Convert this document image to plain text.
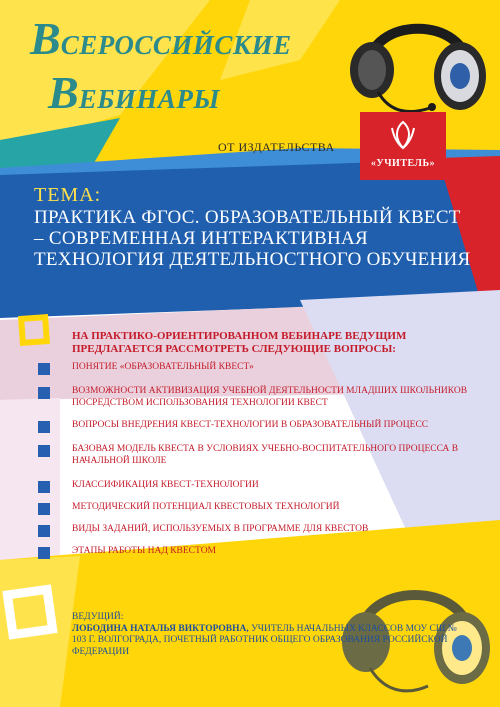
ВСЕРОССИЙСКИЕ
ВЕБИНАРЫ
ОТ ИЗДАТЕЛЬСТВА
«УЧИТЕЛЬ»
ТЕМА:
ПРАКТИКА ФГОС. ОБРАЗОВАТЕЛЬНЫЙ КВЕСТ – СОВРЕМЕННАЯ ИНТЕРАКТИВНАЯ ТЕХНОЛОГИЯ ДЕЯТЕЛЬНОСТНОГО ОБУЧЕНИЯ
НА ПРАКТИКО-ОРИЕНТИРОВАННОМ ВЕБИНАРЕ ВЕДУЩИМ ПРЕДЛАГАЕТСЯ РАССМОТРЕТЬ СЛЕДУЮЩИЕ ВОПРОСЫ:
ПОНЯТИЕ «ОБРАЗОВАТЕЛЬНЫЙ КВЕСТ»
ВОЗМОЖНОСТИ АКТИВИЗАЦИЯ УЧЕБНОЙ ДЕЯТЕЛЬНОСТИ МЛАДШИХ ШКОЛЬНИКОВ ПОСРЕДСТВОМ ИСПОЛЬЗОВАНИЯ ТЕХНОЛОГИИ КВЕСТ
ВОПРОСЫ ВНЕДРЕНИЯ КВЕСТ-ТЕХНОЛОГИИ В ОБРАЗОВАТЕЛЬНЫЙ ПРОЦЕСС
БАЗОВАЯ МОДЕЛЬ КВЕСТА В УСЛОВИЯХ УЧЕБНО-ВОСПИТАТЕЛЬНОГО ПРОЦЕССА В НАЧАЛЬНОЙ ШКОЛЕ
КЛАССИФИКАЦИЯ КВЕСТ-ТЕХНОЛОГИИ
МЕТОДИЧЕСКИЙ ПОТЕНЦИАЛ КВЕСТОВЫХ ТЕХНОЛОГИЙ
ВИДЫ ЗАДАНИЙ, ИСПОЛЬЗУЕМЫХ В ПРОГРАММЕ ДЛЯ КВЕСТОВ
ЭТАПЫ РАБОТЫ НАД КВЕСТОМ
ВЕДУЩИЙ:
ЛОБОДИНА НАТАЛЬЯ ВИКТОРОВНА, УЧИТЕЛЬ НАЧАЛЬНЫХ КЛАССОВ МОУ СШ № 103 Г. ВОЛГОГРАДА, ПОЧЕТНЫЙ РАБОТНИК ОБЩЕГО ОБРАЗОВАНИЯ РОССИЙСКОЙ ФЕДЕРАЦИИ
